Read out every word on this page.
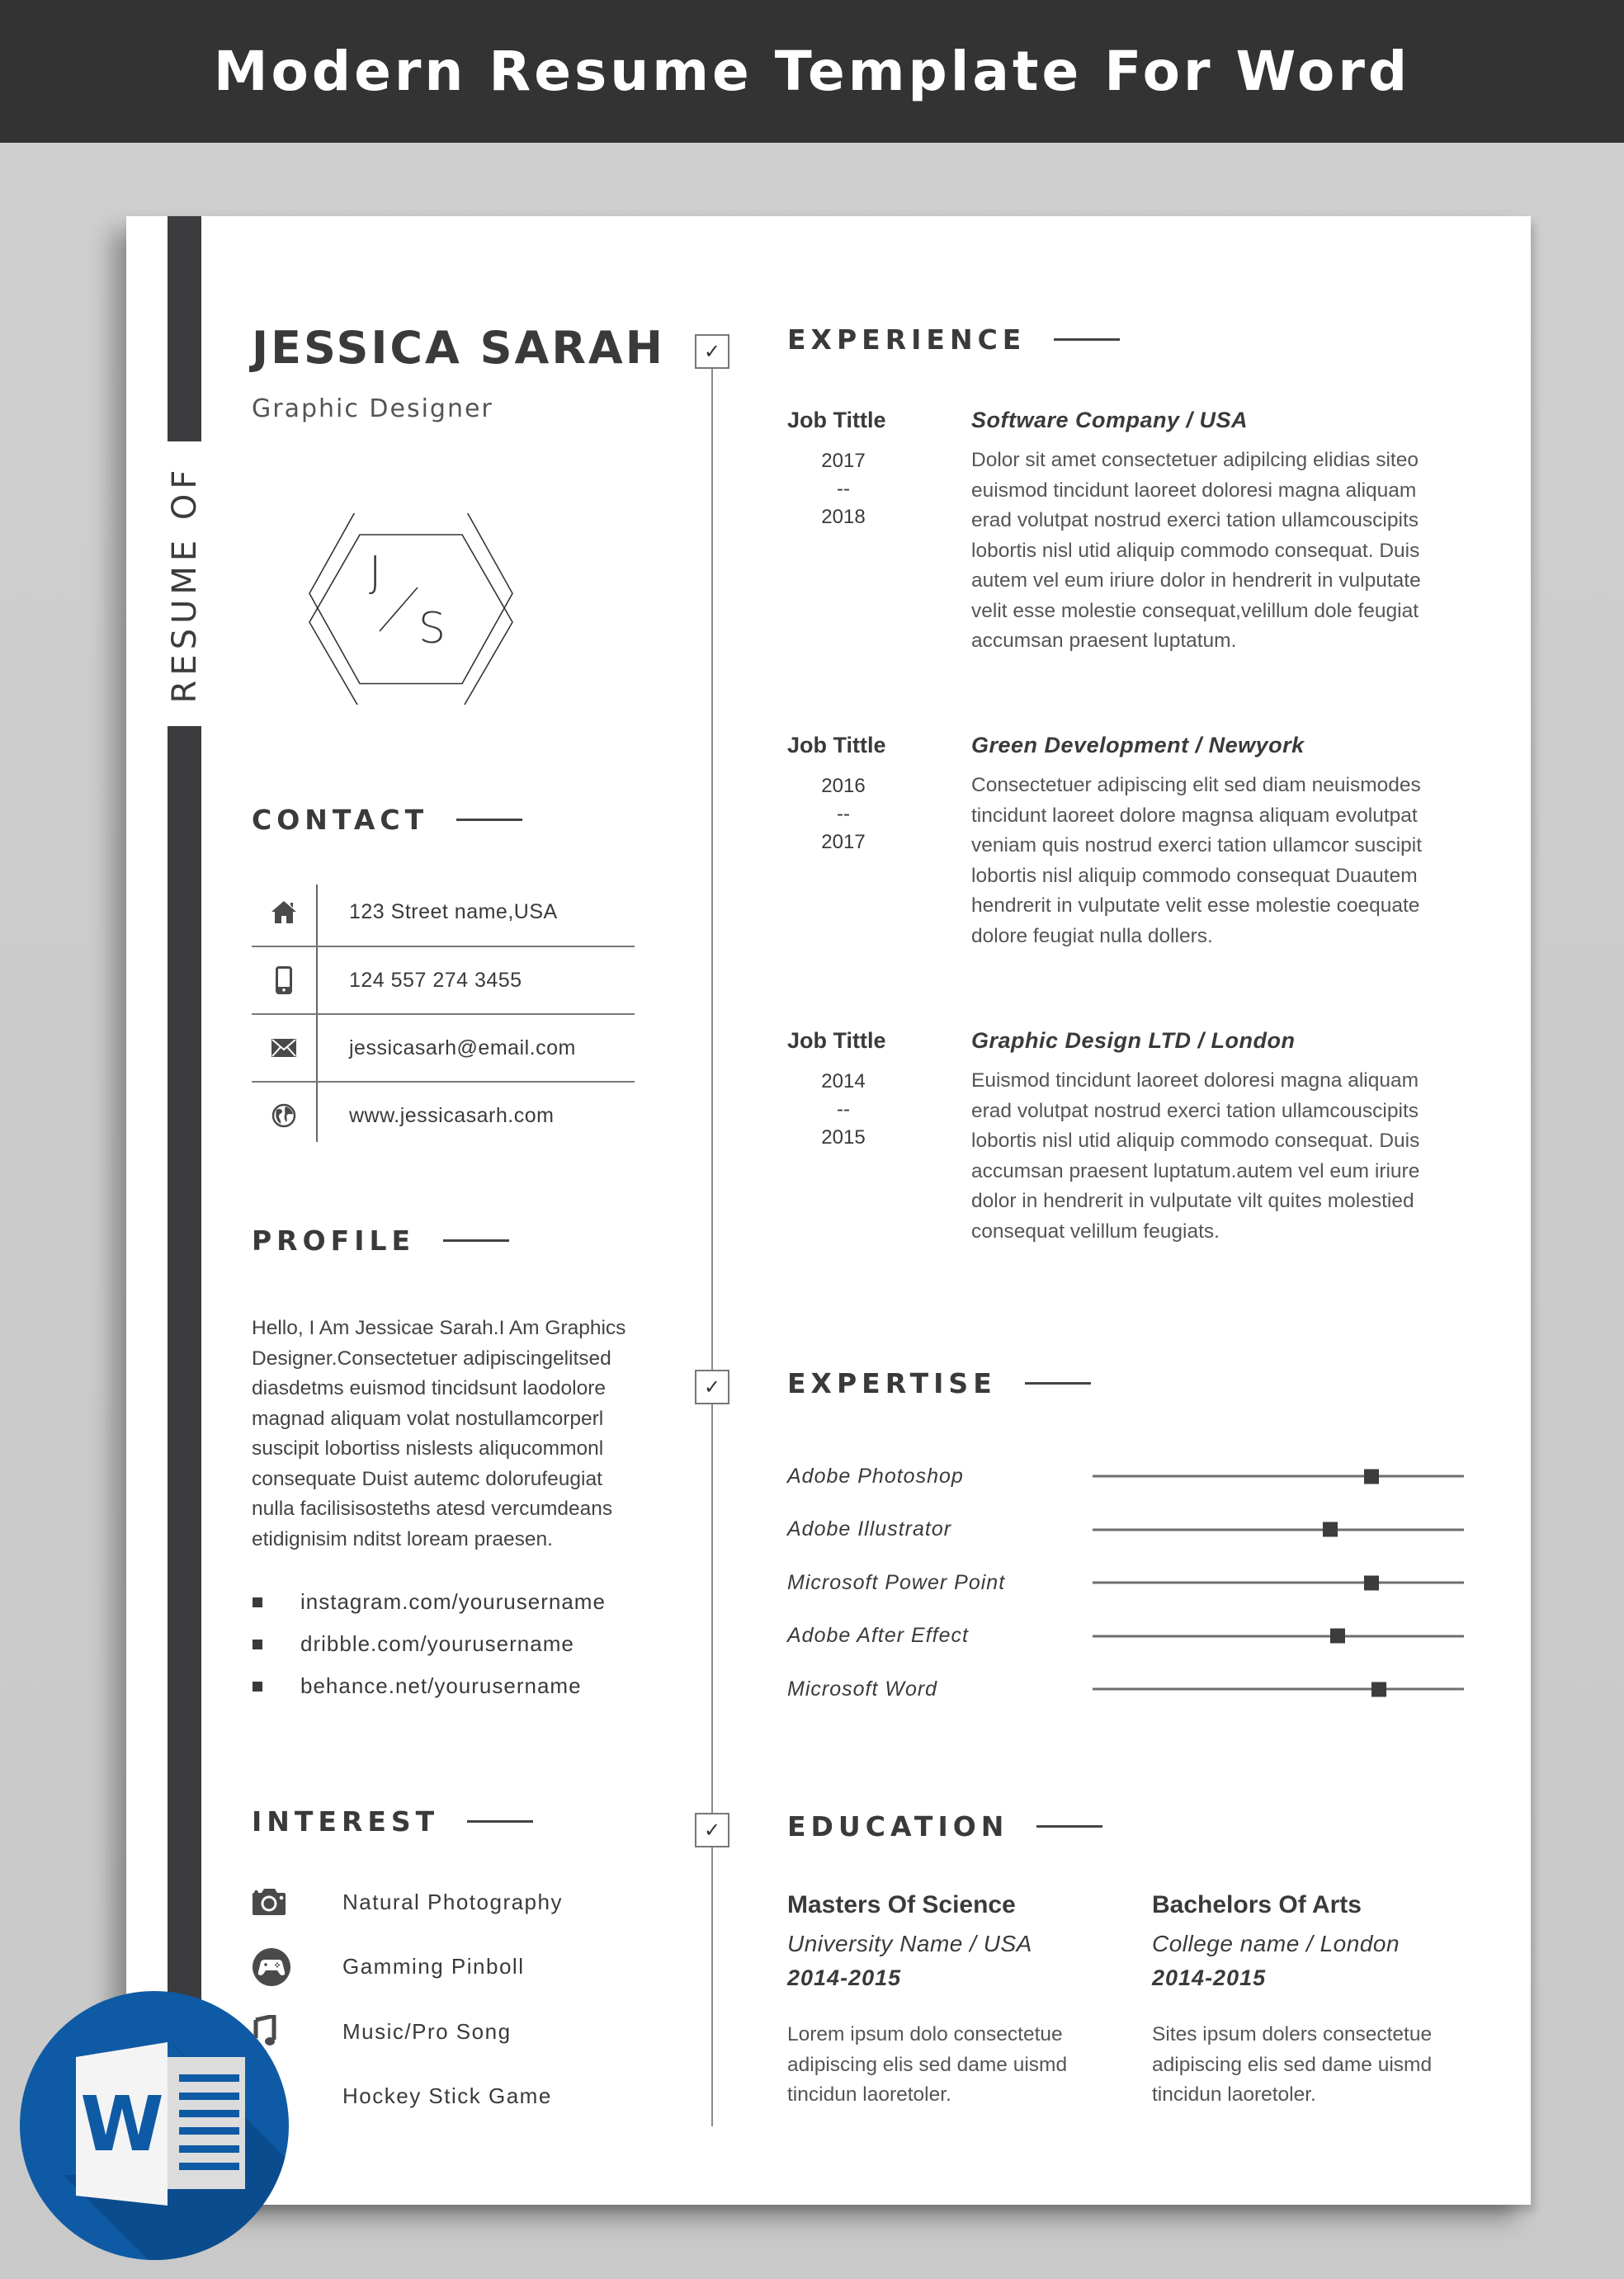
Modern Resume Template For Word
RESUME OF
JESSICA SARAH
Graphic Designer
J
S
CONTACT
123 Street name,USA
124 557 274 3455
jessicasarh@email.com
www.jessicasarh.com
PROFILE

Hello, I Am Jessicae Sarah.I Am Graphics Designer.Consectetuer adipiscingelitsed diasdetms euismod tincidsunt laodolore magnad aliquam volat nostullamcorperl suscipit lobortiss nislests aliqucommonl consequate Duist autemc dolorufeugiat nulla facilisisosteths atesd vercumdeans etidignisim nditst loream praesen.

instagram.com/yourusername
dribble.com/yourusername
behance.net/yourusername
INTEREST
Natural Photography
Gamming Pinboll
Music/Pro Song
Hockey Stick Game
✓
✓
✓
EXPERIENCE
Job Tittle	Software Company / USA
2017
--
2018

Dolor sit amet consectetuer adipilcing elidias siteo euismod tincidunt laoreet doloresi magna aliquam erad volutpat nostrud exerci tation ullamcouscipits lobortis nisl utid aliquip commodo consequat. Duis autem vel eum iriure dolor in hendrerit in vulputate velit esse molestie consequat,velillum dole feugiat accumsan praesent luptatum.

Job Tittle	Green Development / Newyork
2016
--
2017

Consectetuer adipiscing elit sed diam neuismodes tincidunt laoreet dolore magnsa aliquam evolutpat veniam quis nostrud exerci tation ullamcor suscipit lobortis nisl aliquip commodo consequat Duautem hendrerit in vulputate velit esse molestie coequate dolore feugiat nulla dollers.

Job Tittle	Graphic Design LTD / London
2014
--
2015

Euismod tincidunt laoreet doloresi magna aliquam erad volutpat nostrud exerci tation ullamcouscipits lobortis nisl utid aliquip commodo consequat. Duis accumsan praesent luptatum.autem vel eum iriure dolor in hendrerit in vulputate vilt quites molestied consequat velillum feugiats.

EXPERTISE
Adobe Photoshop
Adobe Illustrator
Microsoft Power Point
Adobe After Effect
Microsoft Word
EDUCATION
Masters Of Science
University Name / USA
2014-2015

Lorem ipsum dolo consectetue adipiscing elis sed dame uismd tincidun laoretoler.

Bachelors Of Arts
College name / London
2014-2015

Sites ipsum dolers consectetue adipiscing elis sed dame uismd tincidun laoretoler.

W
